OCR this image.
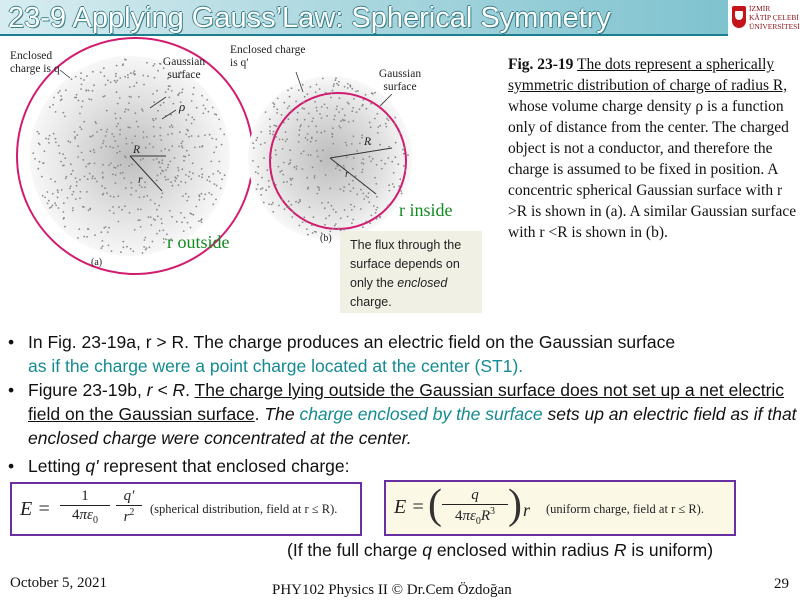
23-9 Applying Gauss’Law: Spherical Symmetry	İZMİR
KÂTİP ÇELEBİ
ÜNİVERSİTESİ
Enclosed charge is q
Gaussian surface
ρ
R
r
(a)
r outside
Enclosed charge is q′
Gaussian surface
R
r
(b)
r inside
The flux through the
surface depends on
only the enclosed
charge.
Fig. 23-19 The dots represent a spherically symmetric distribution of charge of radius R, whose volume charge density ρ is a function only of distance from the center. The charged object is not a conductor, and therefore the charge is assumed to be fixed in position. A concentric spherical Gaussian surface with r >R is shown in (a). A similar Gaussian surface with r <R is shown in (b).
• In Fig. 23-19a, r > R. The charge produces an electric field on the Gaussian surface
as if the charge were a point charge located at the center (ST1).
• Figure 23-19b, r < R. The charge lying outside the Gaussian surface does not set up a net electric field on the Gaussian surface. The charge enclosed by the surface sets up an electric field as if that enclosed charge were concentrated at the center.
• Letting q' represent that enclosed charge:
E =
1
$4\pi\varepsilon_0$
q′
$r^2$	(spherical distribution, field at r ≤ R).	E = (	q
$4\pi\varepsilon_0R^3$ ) r (uniform charge, field at r ≤ R).
(If the full charge q enclosed within radius R is uniform)
October 5, 2021	PHY102 Physics II © Dr.Cem Özdoğan	29
